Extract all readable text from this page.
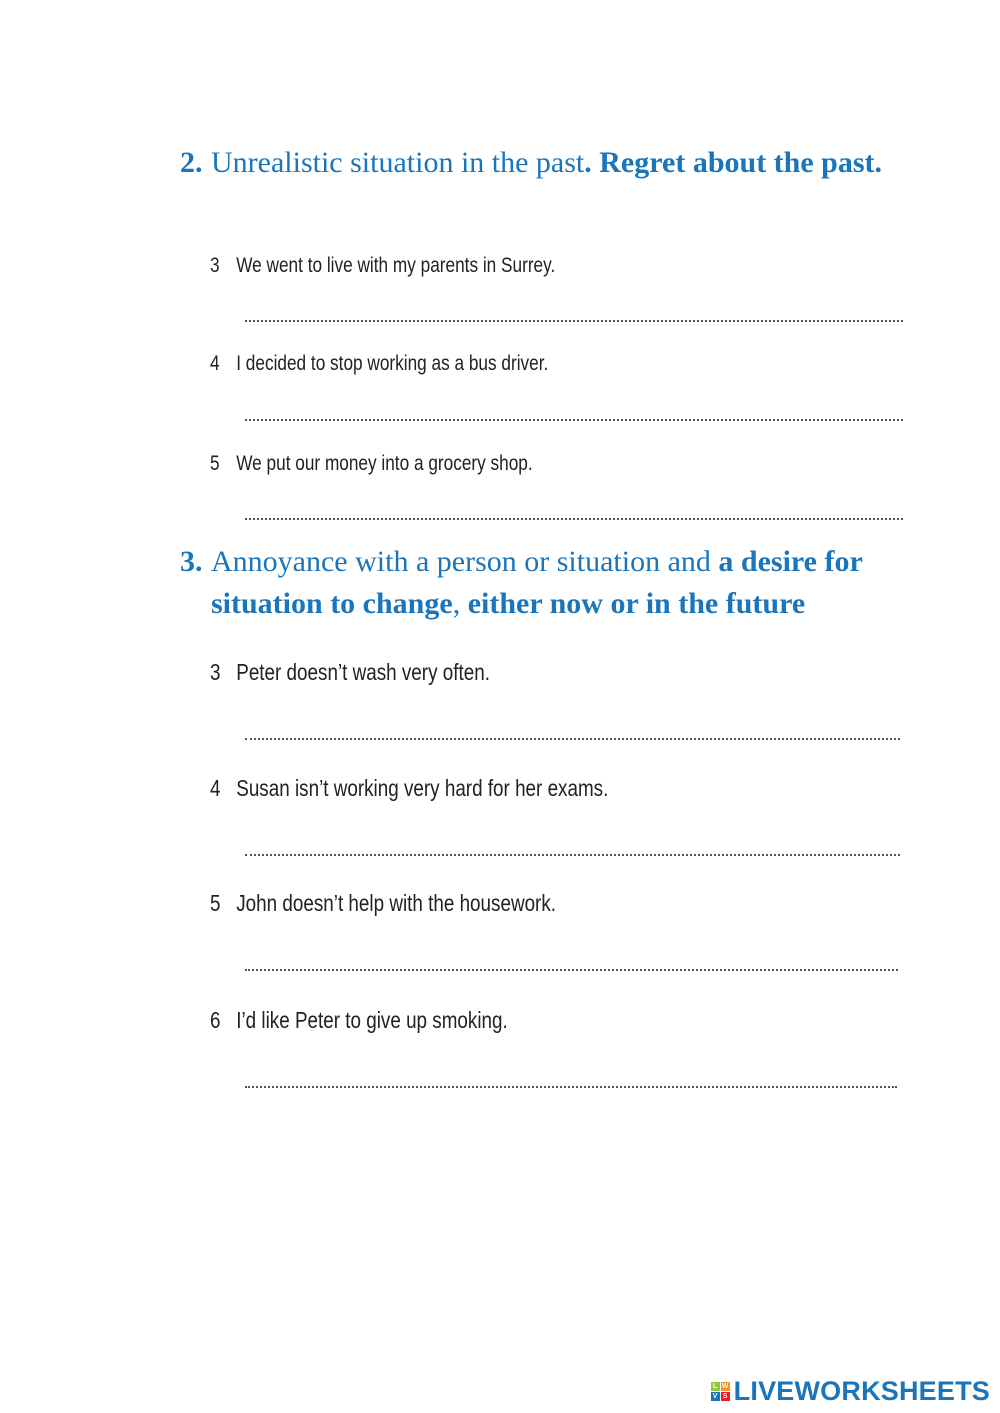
2. Unrealistic situation in the past. Regret about the past.
3 We went to live with my parents in Surrey.
4 I decided to stop working as a bus driver.
5 We put our money into a grocery shop.
3. Annoyance with a person or situation and a desire for situation to change, either now or in the future
3 Peter doesn’t wash very often.
4 Susan isn’t working very hard for her exams.
5 John doesn’t help with the housework.
6 I’d like Peter to give up smoking.
L W
V S LIVEWORKSHEETS
